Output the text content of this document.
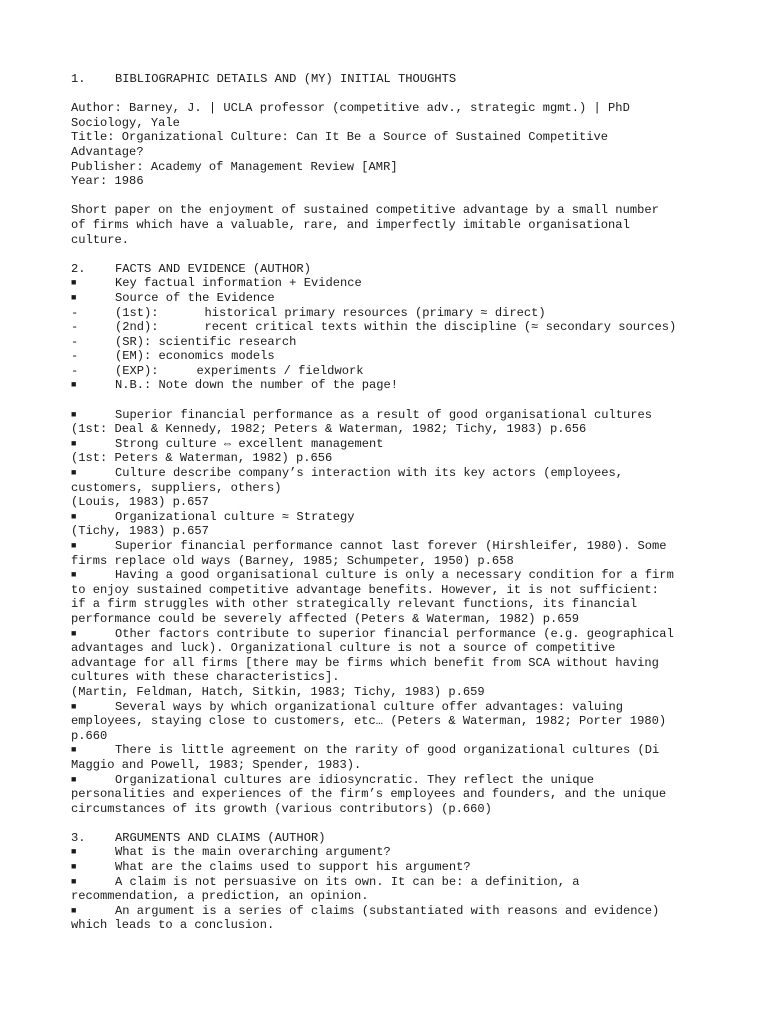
1.	BIBLIOGRAPHIC DETAILS AND (MY) INITIAL THOUGHTS
Author: Barney, J. | UCLA professor (competitive adv., strategic mgmt.) | PhD
Sociology, Yale
Title: Organizational Culture: Can It Be a Source of Sustained Competitive
Advantage?
Publisher: Academy of Management Review [AMR]
Year: 1986
Short paper on the enjoyment of sustained competitive advantage by a small number
of firms which have a valuable, rare, and imperfectly imitable organisational
culture.
2.	FACTS AND EVIDENCE (AUTHOR)
■	Key factual information + Evidence
■	Source of the Evidence
-	(1st):	historical primary resources (primary ≈ direct)
-	(2nd):	recent critical texts within the discipline (≈ secondary sources)
-	(SR): scientific research
-	(EM): economics models
-	(EXP):	experiments / fieldwork
■	N.B.: Note down the number of the page!
■	Superior financial performance as a result of good organisational cultures
(1st: Deal & Kennedy, 1982; Peters & Waterman, 1982; Tichy, 1983) p.656
■	Strong culture ⇔ excellent management
(1st: Peters & Waterman, 1982) p.656
■	Culture describe company’s interaction with its key actors (employees,
customers, suppliers, others)
(Louis, 1983) p.657
■	Organizational culture ≈ Strategy
(Tichy, 1983) p.657
■	Superior financial performance cannot last forever (Hirshleifer, 1980). Some
firms replace old ways (Barney, 1985; Schumpeter, 1950) p.658
■	Having a good organisational culture is only a necessary condition for a firm
to enjoy sustained competitive advantage benefits. However, it is not sufficient:
if a firm struggles with other strategically relevant functions, its financial
performance could be severely affected (Peters & Waterman, 1982) p.659
■	Other factors contribute to superior financial performance (e.g. geographical
advantages and luck). Organizational culture is not a source of competitive
advantage for all firms [there may be firms which benefit from SCA without having
cultures with these characteristics].
(Martin, Feldman, Hatch, Sitkin, 1983; Tichy, 1983) p.659
■	Several ways by which organizational culture offer advantages: valuing
employees, staying close to customers, etc… (Peters & Waterman, 1982; Porter 1980)
p.660
■	There is little agreement on the rarity of good organizational cultures (Di
Maggio and Powell, 1983; Spender, 1983).
■	Organizational cultures are idiosyncratic. They reflect the unique
personalities and experiences of the firm’s employees and founders, and the unique
circumstances of its growth (various contributors) (p.660)
3.	ARGUMENTS AND CLAIMS (AUTHOR)
■	What is the main overarching argument?
■	What are the claims used to support his argument?
■	A claim is not persuasive on its own. It can be: a definition, a
recommendation, a prediction, an opinion.
■	An argument is a series of claims (substantiated with reasons and evidence)
which leads to a conclusion.
